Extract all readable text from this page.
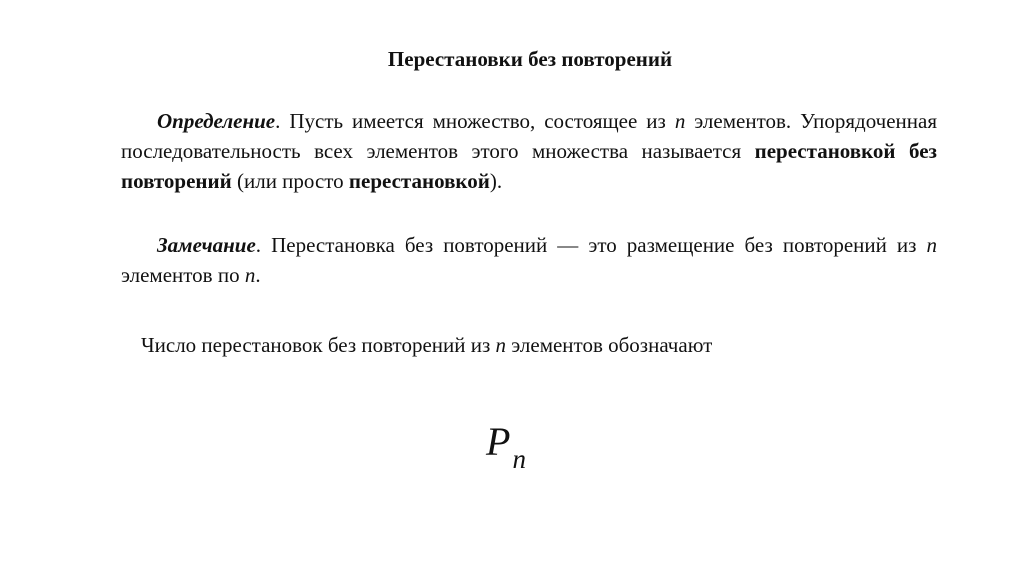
Перестановки без повторений

Определение. Пусть имеется множество, состоящее из n элементов. Упорядоченная последовательность всех элементов этого множества называется перестановкой без повторений (или просто перестановкой).

Замечание. Перестановка без повторений — это размещение без повторений из n элементов по n.

Число перестановок без повторений из n элементов обозначают

$P_n$
